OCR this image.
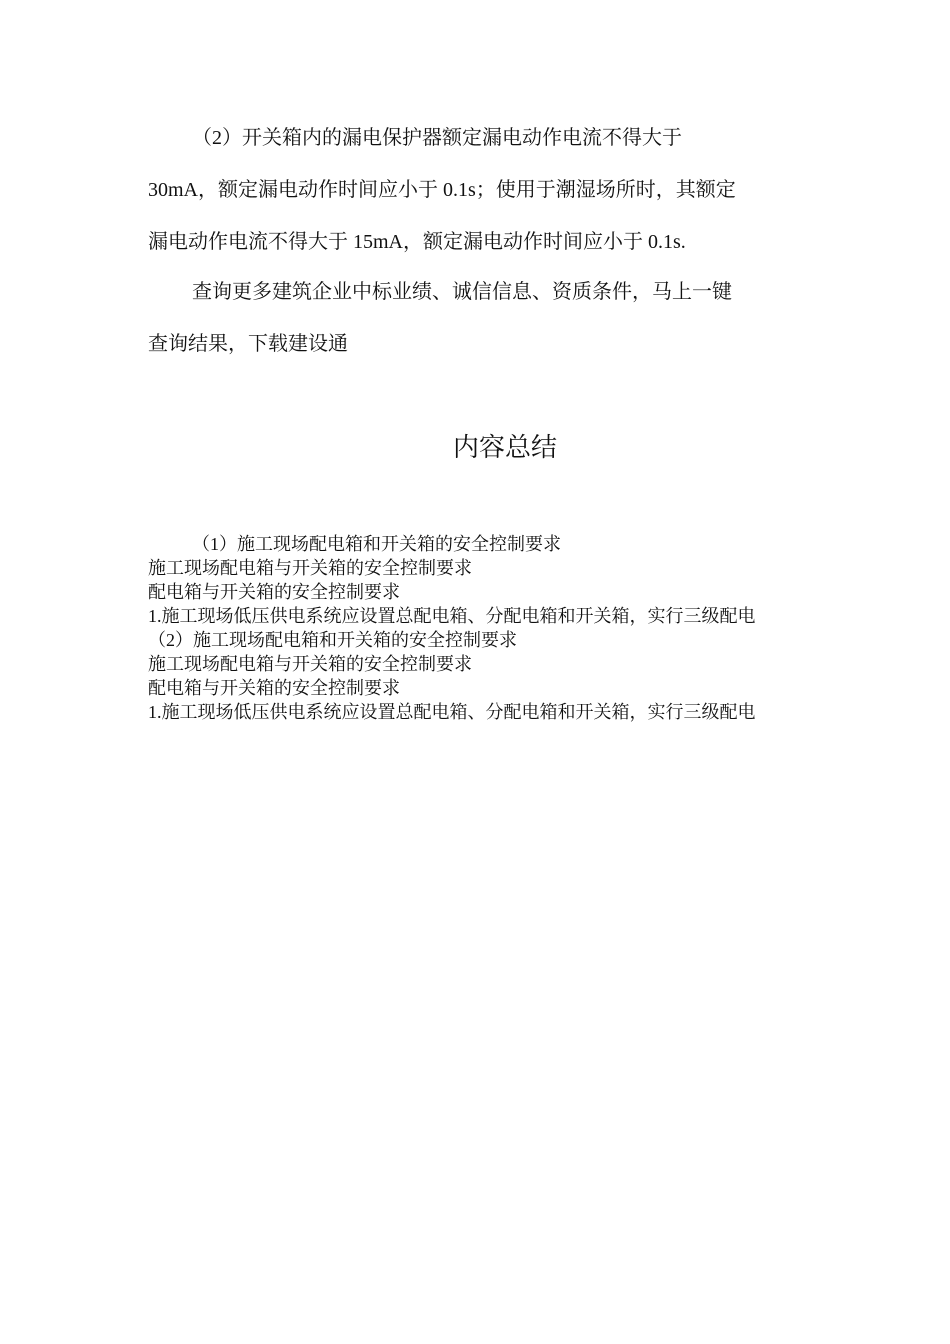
（2）开关箱内的漏电保护器额定漏电动作电流不得大于
30mA，额定漏电动作时间应小于 0.1s；使用于潮湿场所时，其额定
漏电动作电流不得大于 15mA，额定漏电动作时间应小于 0.1s.
查询更多建筑企业中标业绩、诚信信息、资质条件，马上一键
查询结果，下载建设通
内容总结
（1）施工现场配电箱和开关箱的安全控制要求
施工现场配电箱与开关箱的安全控制要求
配电箱与开关箱的安全控制要求
1.施工现场低压供电系统应设置总配电箱、分配电箱和开关箱，实行三级配电
（2）施工现场配电箱和开关箱的安全控制要求
施工现场配电箱与开关箱的安全控制要求
配电箱与开关箱的安全控制要求
1.施工现场低压供电系统应设置总配电箱、分配电箱和开关箱，实行三级配电
